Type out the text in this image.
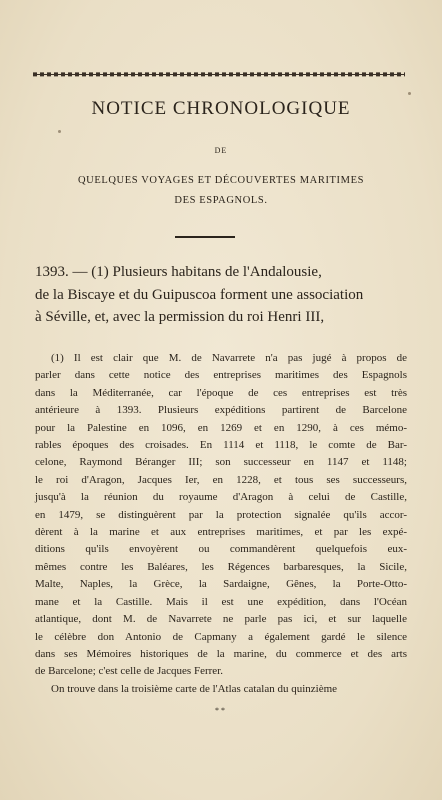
NOTICE CHRONOLOGIQUE
DE
QUELQUES VOYAGES ET DÉCOUVERTES MARITIMES
DES ESPAGNOLS.
1393. — (1) Plusieurs habitans de l'Andalousie,
de la Biscaye et du Guipuscoa forment une association
à Séville, et, avec la permission du roi Henri III,
(1) Il est clair que M. de Navarrete n'a pas jugé à propos de
parler dans cette notice des entreprises maritimes des Espagnols
dans la Méditerranée, car l'époque de ces entreprises est très
antérieure à 1393. Plusieurs expéditions partirent de Barcelone
pour la Palestine en 1096, en 1269 et en 1290, à ces mémo-
rables époques des croisades. En 1114 et 1118, le comte de Bar-
celone, Raymond Béranger III; son successeur en 1147 et 1148;
le roi d'Aragon, Jacques Ier, en 1228, et tous ses successeurs,
jusqu'à la réunion du royaume d'Aragon à celui de Castille,
en 1479, se distinguèrent par la protection signalée qu'ils accor-
dèrent à la marine et aux entreprises maritimes, et par les expé-
ditions qu'ils envoyèrent ou commandèrent quelquefois eux-
mêmes contre les Baléares, les Régences barbaresques, la Sicile,
Malte, Naples, la Grèce, la Sardaigne, Gênes, la Porte-Otto-
mane et la Castille. Mais il est une expédition, dans l'Océan
atlantique, dont M. de Navarrete ne parle pas ici, et sur laquelle
le célèbre don Antonio de Capmany a également gardé le silence
dans ses Mémoires historiques de la marine, du commerce et des arts
de Barcelone; c'est celle de Jacques Ferrer.
On trouve dans la troisième carte de l'Atlas catalan du quinzième
**
